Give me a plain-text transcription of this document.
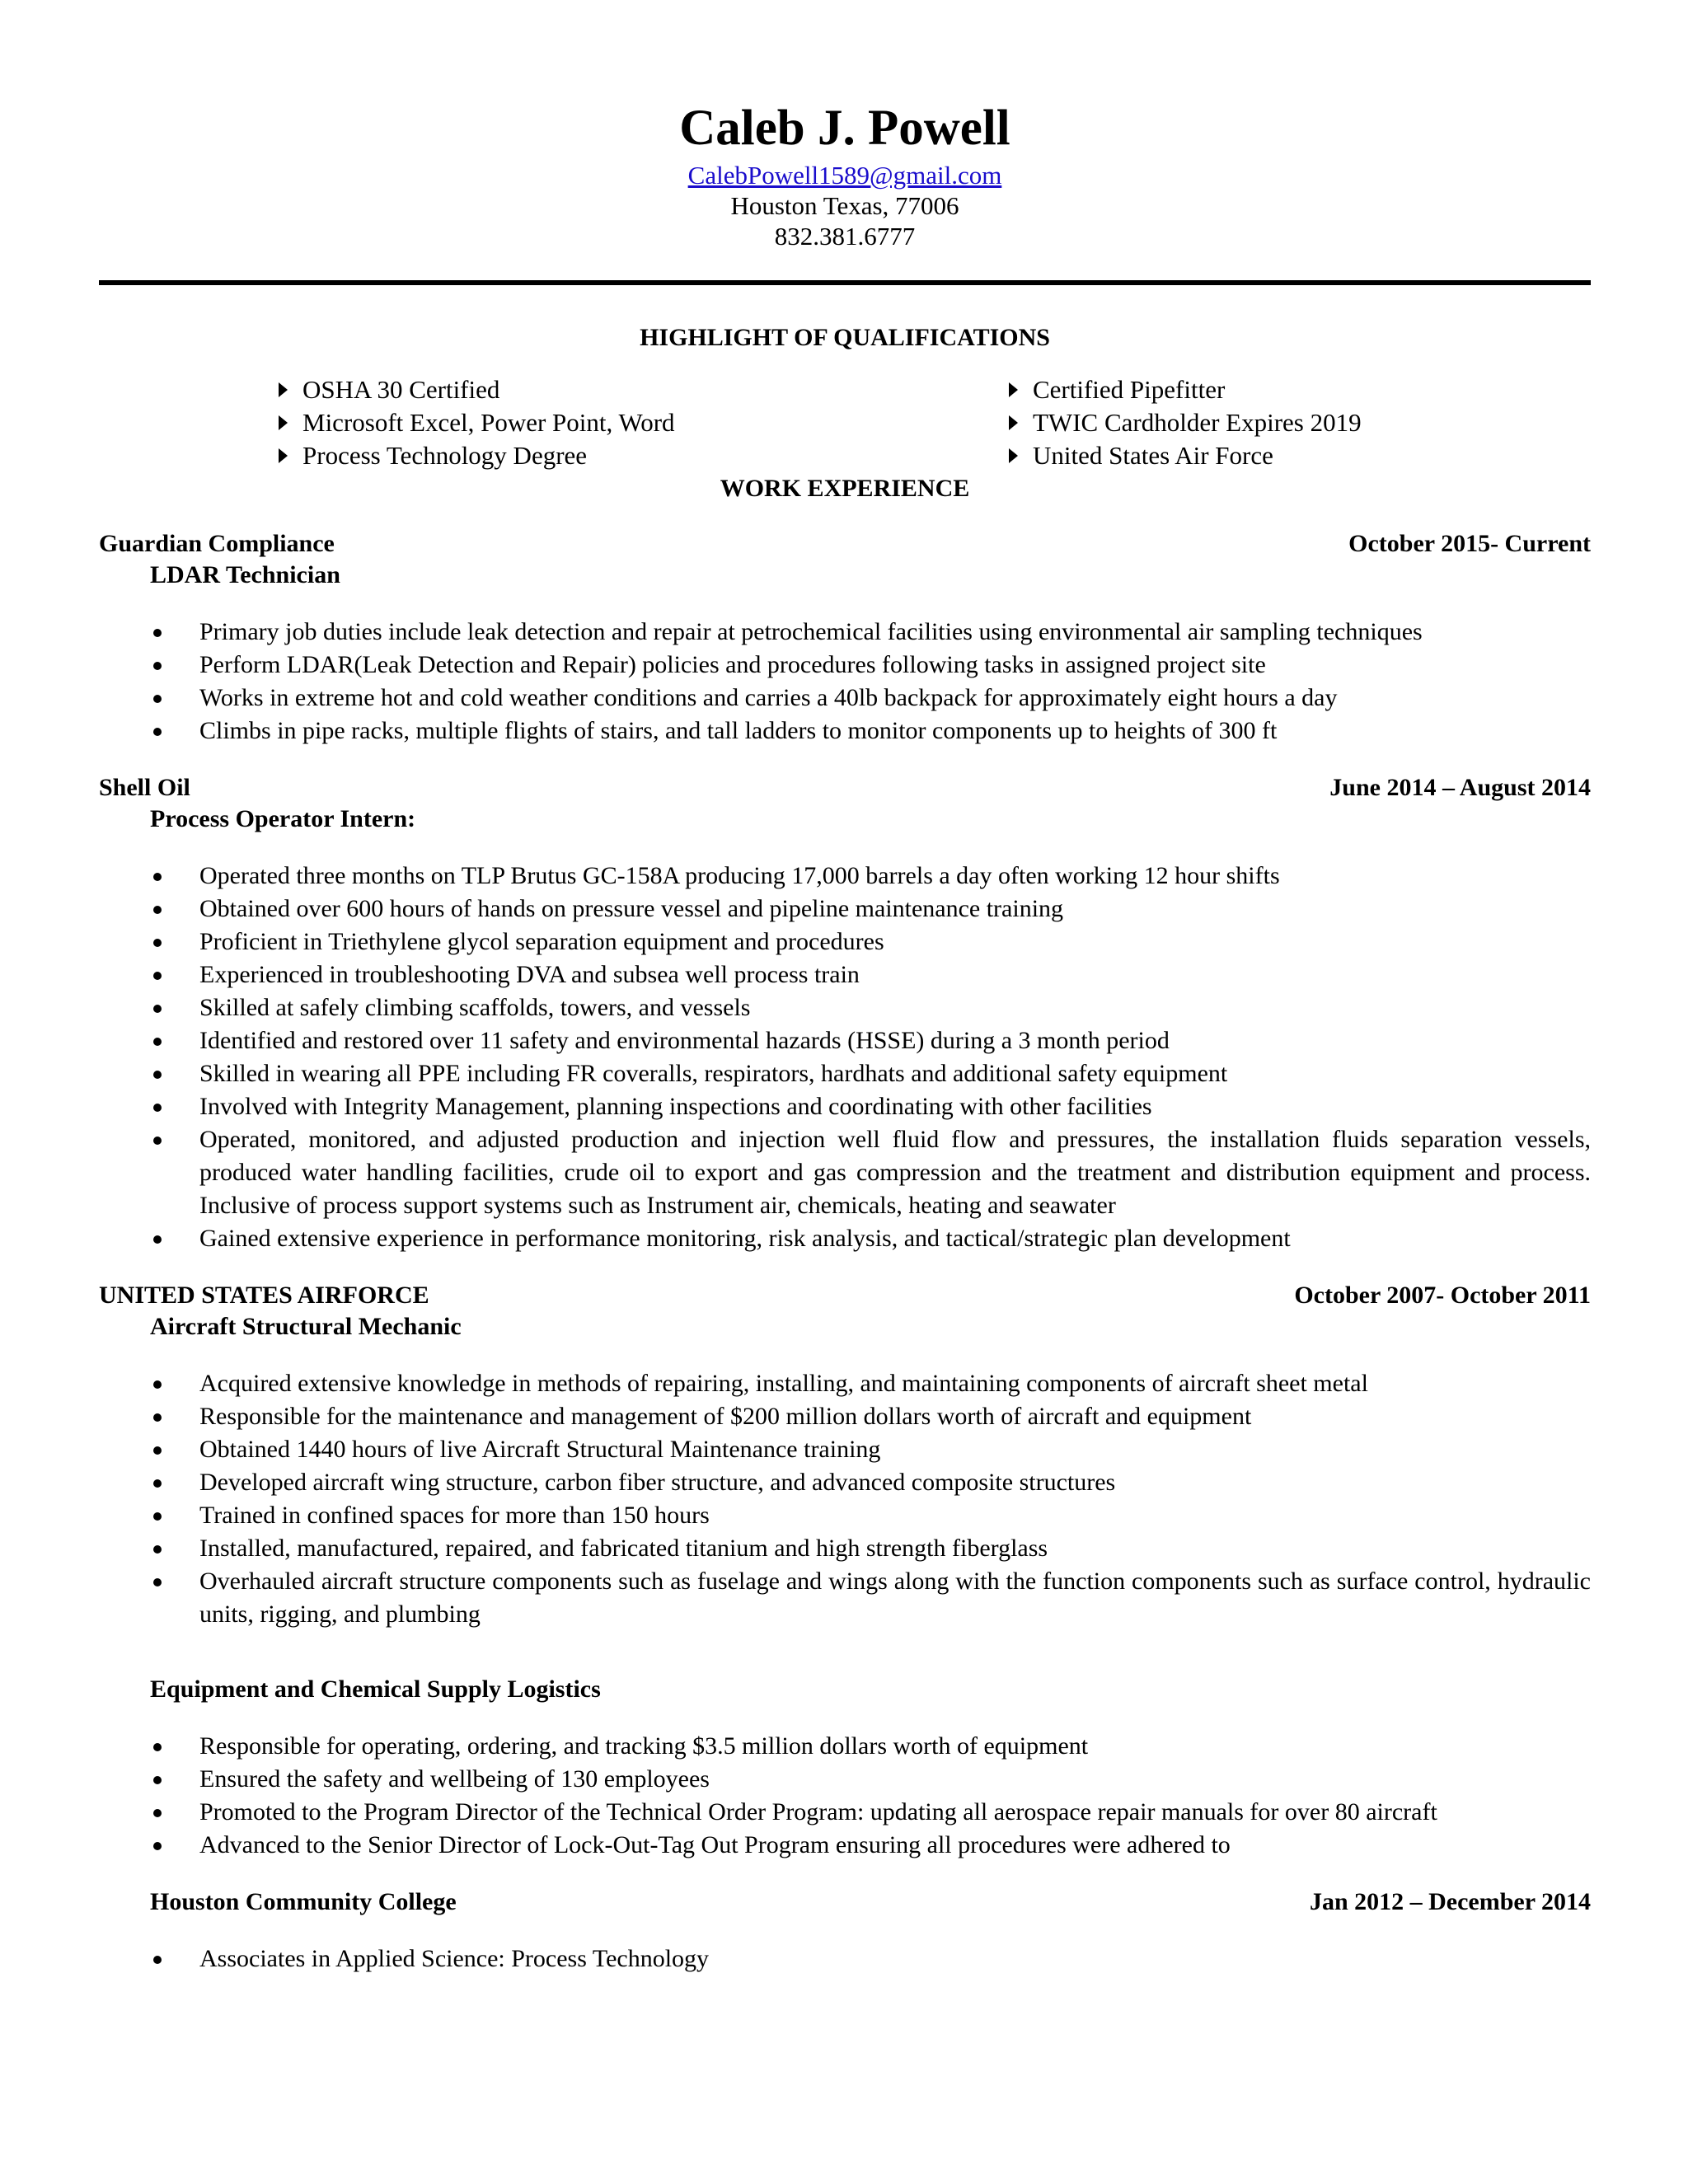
Caleb J. Powell
CalebPowell1589@gmail.com
Houston Texas, 77006
832.381.6777
HIGHLIGHT OF QUALIFICATIONS
OSHA 30 Certified
Microsoft Excel, Power Point, Word
Process Technology Degree
Certified Pipefitter
TWIC Cardholder Expires 2019
United States Air Force
WORK EXPERIENCE
Guardian Compliance	October 2015- Current
LDAR Technician
Primary job duties include leak detection and repair at petrochemical facilities using environmental air sampling techniques
Perform LDAR(Leak Detection and Repair) policies and procedures following tasks in assigned project site
Works in extreme hot and cold weather conditions and carries a 40lb backpack for approximately eight hours a day
Climbs in pipe racks, multiple flights of stairs, and tall ladders to monitor components up to heights of 300 ft
Shell Oil	June 2014 – August 2014
Process Operator Intern:
Operated three months on TLP Brutus GC-158A producing 17,000 barrels a day often working 12 hour shifts
Obtained over 600 hours of hands on pressure vessel and pipeline maintenance training
Proficient in Triethylene glycol separation equipment and procedures
Experienced in troubleshooting DVA and subsea well process train
Skilled at safely climbing scaffolds, towers, and vessels
Identified and restored over 11 safety and environmental hazards (HSSE) during a 3 month period
Skilled in wearing all PPE including FR coveralls, respirators, hardhats and additional safety equipment
Involved with Integrity Management, planning inspections and coordinating with other facilities
Operated, monitored, and adjusted production and injection well fluid flow and pressures, the installation fluids separation vessels, produced water handling facilities, crude oil to export and gas compression and the treatment and distribution equipment and process. Inclusive of process support systems such as Instrument air, chemicals, heating and seawater
Gained extensive experience in performance monitoring, risk analysis, and tactical/strategic plan development
UNITED STATES AIRFORCE	October 2007- October 2011
Aircraft Structural Mechanic
Acquired extensive knowledge in methods of repairing, installing, and maintaining components of aircraft sheet metal
Responsible for the maintenance and management of $200 million dollars worth of aircraft and equipment
Obtained 1440 hours of live Aircraft Structural Maintenance training
Developed aircraft wing structure, carbon fiber structure, and advanced composite structures
Trained in confined spaces for more than 150 hours
Installed, manufactured, repaired, and fabricated titanium and high strength fiberglass
Overhauled aircraft structure components such as fuselage and wings along with the function components such as surface control, hydraulic units, rigging, and plumbing
Equipment and Chemical Supply Logistics
Responsible for operating, ordering, and tracking $3.5 million dollars worth of equipment
Ensured the safety and wellbeing of 130 employees
Promoted to the Program Director of the Technical Order Program: updating all aerospace repair manuals for over 80 aircraft
Advanced to the Senior Director of Lock-Out-Tag Out Program ensuring all procedures were adhered to
Houston Community College	Jan 2012 – December 2014
Associates in Applied Science: Process Technology
